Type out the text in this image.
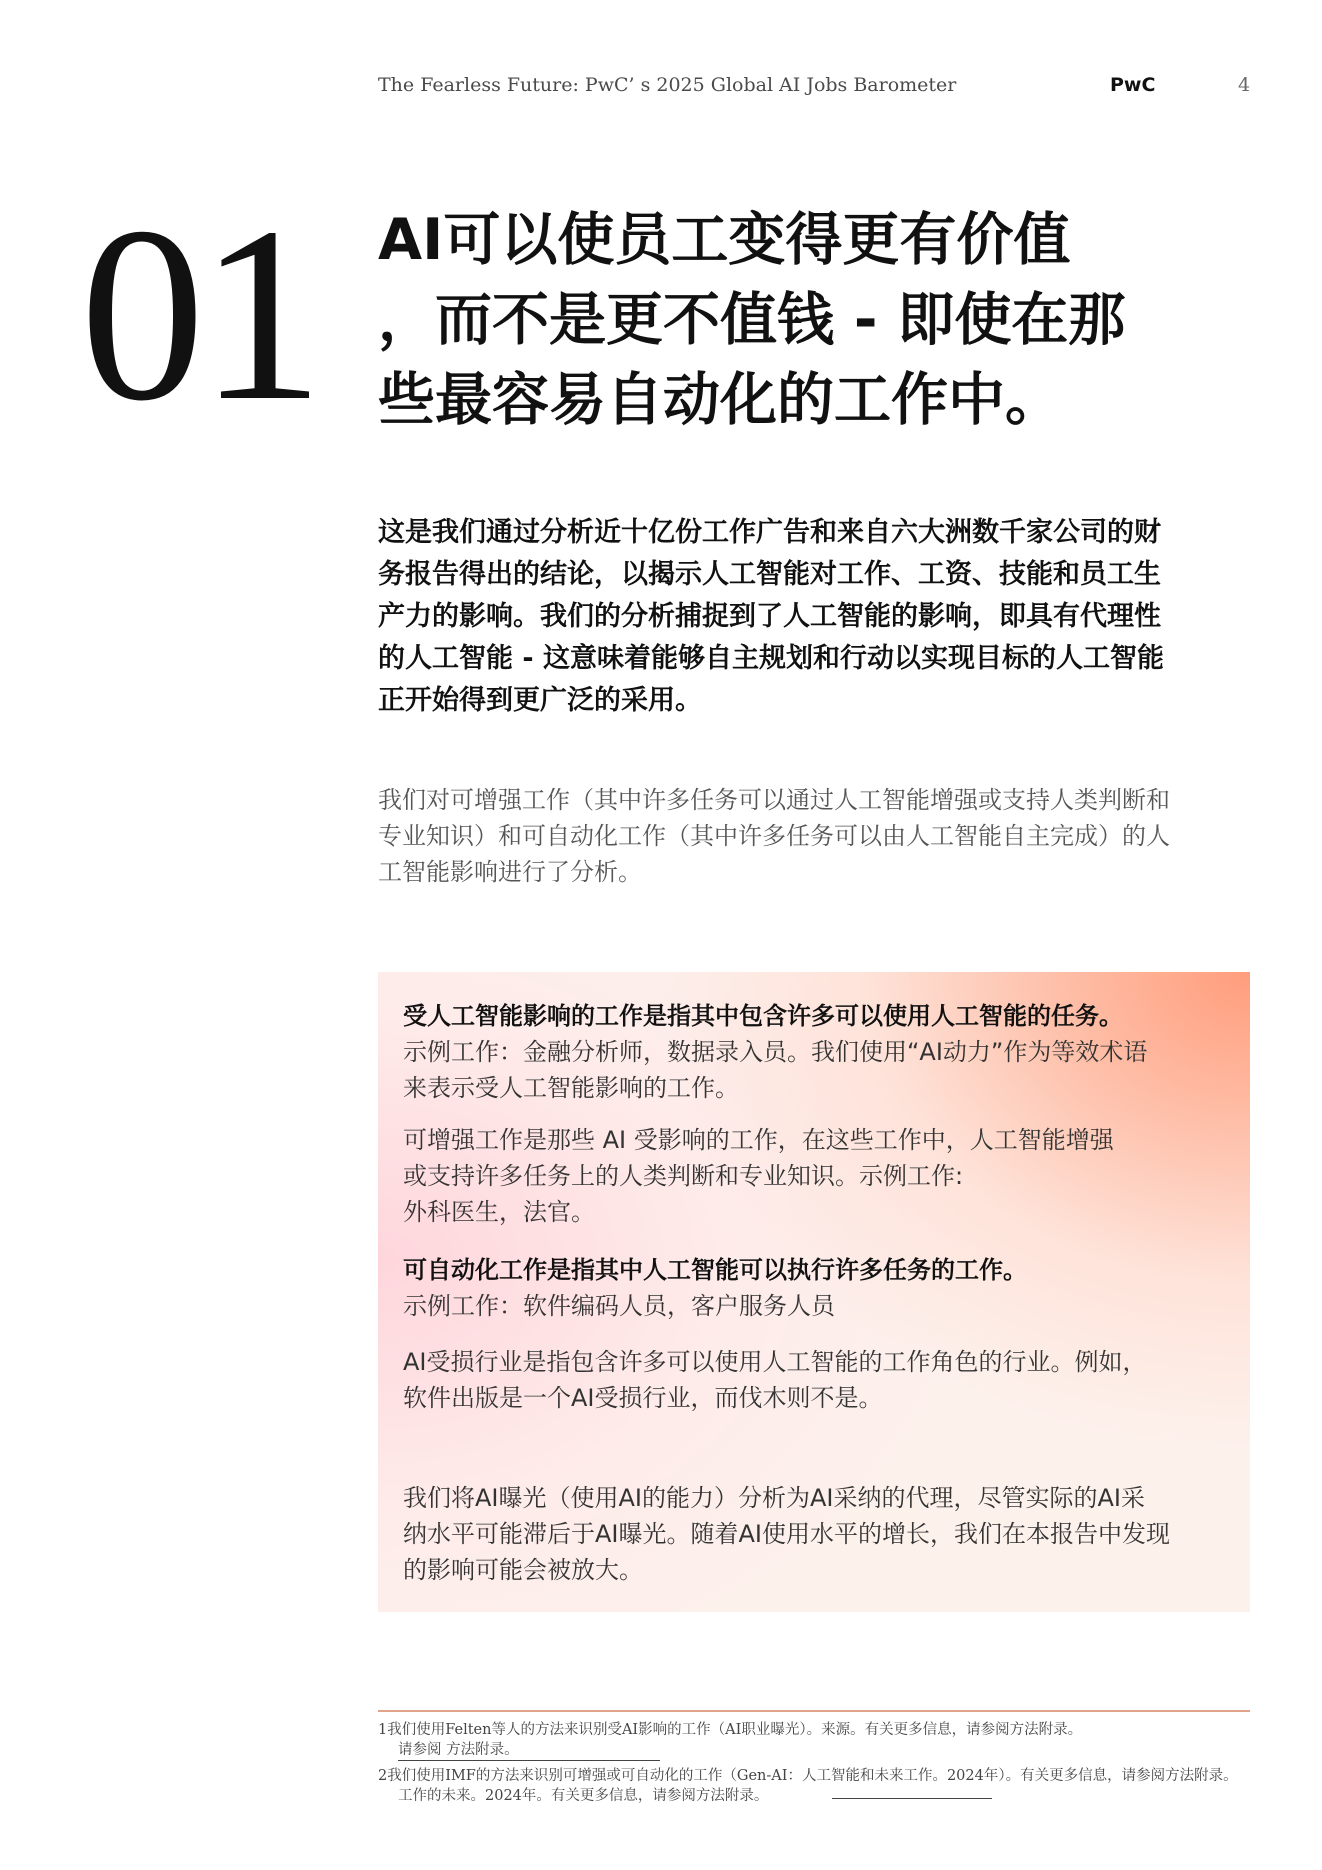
The Fearless Future: PwC’ s 2025 Global AI Jobs Barometer	PwC	4
01 AI可以使员工变得更有价值
，而不是更不值钱 - 即使在那
些最容易自动化的工作中。
这是我们通过分析近十亿份工作广告和来自六大洲数千家公司的财
务报告得出的结论，以揭示人工智能对工作、工资、技能和员工生
产力的影响。我们的分析捕捉到了人工智能的影响，即具有代理性
的人工智能 - 这意味着能够自主规划和行动以实现目标的人工智能
正开始得到更广泛的采用。
我们对可增强工作（其中许多任务可以通过人工智能增强或支持人类判断和
专业知识）和可自动化工作（其中许多任务可以由人工智能自主完成）的人
工智能影响进行了分析。
受人工智能影响的工作是指其中包含许多可以使用人工智能的任务。
示例工作：金融分析师，数据录入员。我们使用“AI动力”作为等效术语
来表示受人工智能影响的工作。
可增强工作是那些 AI 受影响的工作，在这些工作中，人工智能增强
或支持许多任务上的人类判断和专业知识。示例工作:
外科医生，法官。
可自动化工作是指其中人工智能可以执行许多任务的工作。
示例工作：软件编码人员，客户服务人员
AI受损行业是指包含许多可以使用人工智能的工作角色的行业。例如，
软件出版是一个AI受损行业，而伐木则不是。
我们将AI曝光（使用AI的能力）分析为AI采纳的代理，尽管实际的AI采
纳水平可能滞后于AI曝光。随着AI使用水平的增长，我们在本报告中发现
的影响可能会被放大。
1我们使用Felten等人的方法来识别受AI影响的工作（AI职业曝光）。来源。有关更多信息，请参阅方法附录。
请参阅 方法附录。
2我们使用IMF的方法来识别可增强或可自动化的工作（Gen-AI：人工智能和未来工作。2024年）。有关更多信息，请参阅方法附录。
工作的未来。2024年。有关更多信息，请参阅方法附录。
